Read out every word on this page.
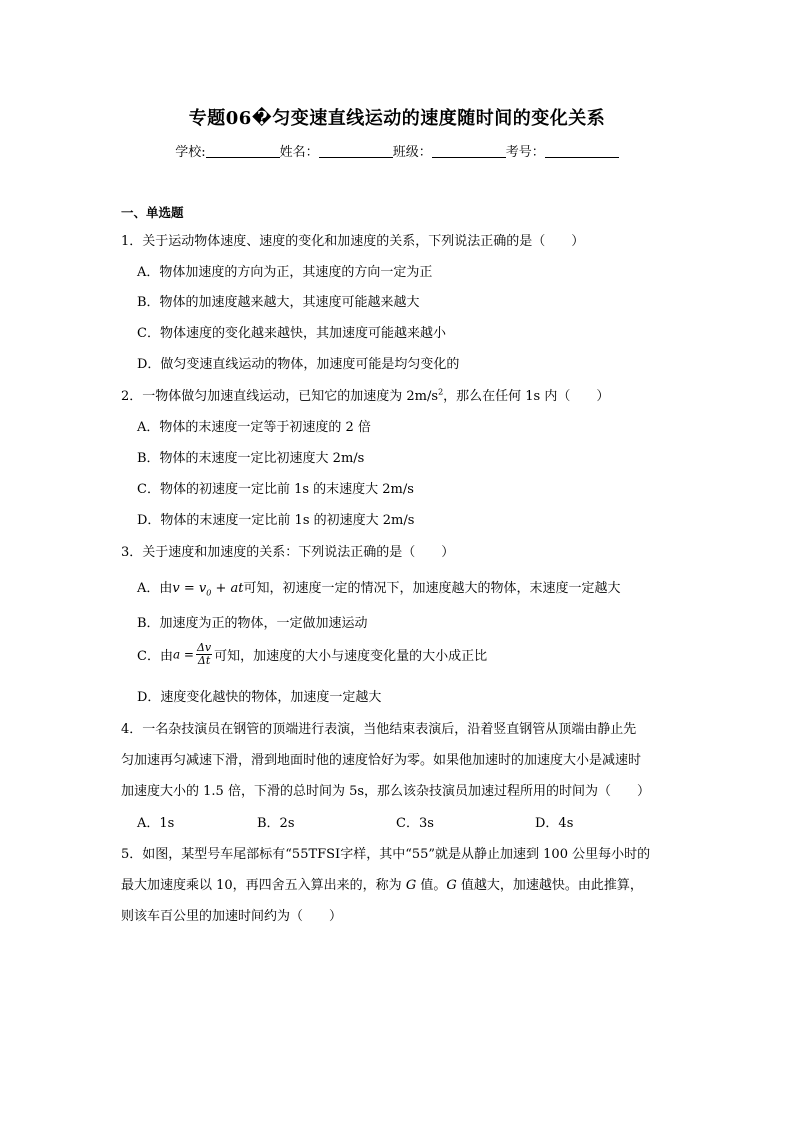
专题06�匀变速直线运动的速度随时间的变化关系
学校:	姓名：	班级：	考号：
一、单选题
1．关于运动物体速度、速度的变化和加速度的关系，下列说法正确的是（　　）
A．物体加速度的方向为正，其速度的方向一定为正
B．物体的加速度越来越大，其速度可能越来越大
C．物体速度的变化越来越快，其加速度可能越来越小
D．做匀变速直线运动的物体，加速度可能是均匀变化的
2．一物体做匀加速直线运动，已知它的加速度为 $2m/s^2$，那么在任何 1s 内（　　）
A．物体的末速度一定等于初速度的 2 倍
B．物体的末速度一定比初速度大 2m/s
C．物体的初速度一定比前 1s 的末速度大 2m/s
D．物体的末速度一定比前 1s 的初速度大 2m/s
3．关于速度和加速度的关系：下列说法正确的是（　　）
A．由$v = v_0$ + at可知，初速度一定的情况下，加速度越大的物体，末速度一定越大
B．加速度为正的物体，一定做加速运动
C．由$a = \frac{\Delta v}{\Delta t}$ 可知，加速度的大小与速度变化量的大小成正比
D．速度变化越快的物体，加速度一定越大
4．一名杂技演员在钢管的顶端进行表演，当他结束表演后，沿着竖直钢管从顶端由静止先
匀加速再匀减速下滑，滑到地面时他的速度恰好为零。如果他加速时的加速度大小是减速时
加速度大小的 1.5 倍，下滑的总时间为 5s，那么该杂技演员加速过程所用的时间为（　　）
A．1s	B．2s	C．3s	D．4s
5．如图，某型号车尾部标有“55TFSI字样，其中“55”就是从静止加速到 100 公里每小时的
最大加速度乘以 10，再四舍五入算出来的，称为 G 值。G 值越大，加速越快。由此推算，
则该车百公里的加速时间约为（　　）
